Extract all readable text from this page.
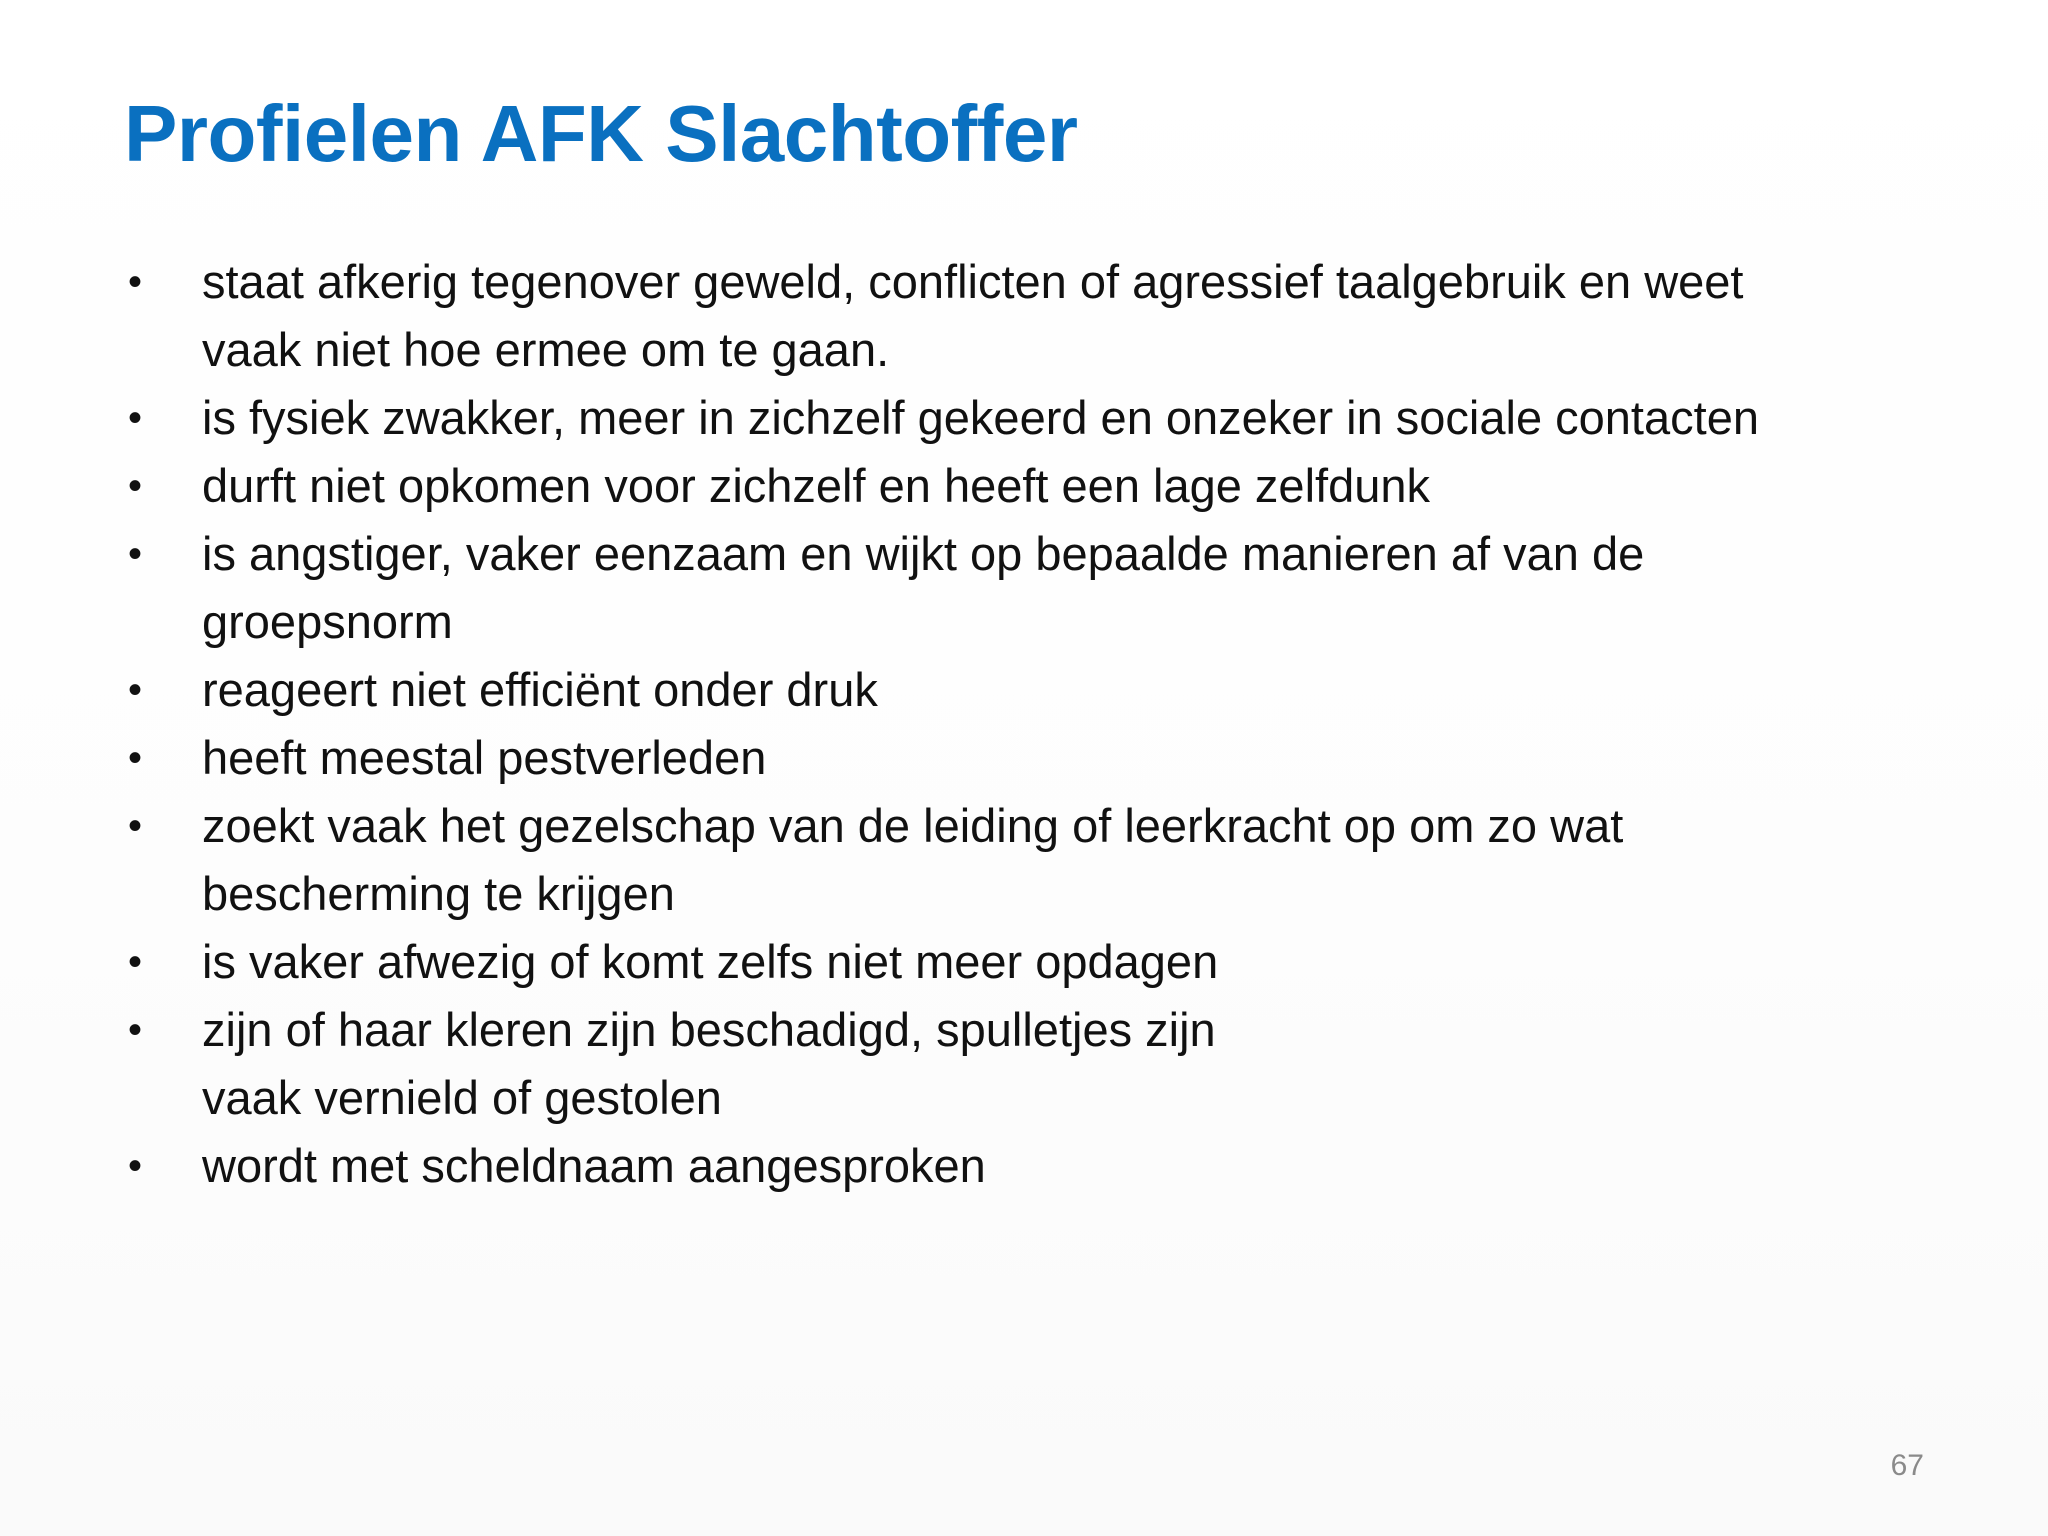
Profielen AFK Slachtoffer
• staat afkerig tegenover geweld, conflicten of agressief taalgebruik en weet
vaak niet hoe ermee om te gaan.
• is fysiek zwakker, meer in zichzelf gekeerd en onzeker in sociale contacten
• durft niet opkomen voor zichzelf en heeft een lage zelfdunk
• is angstiger, vaker eenzaam en wijkt op bepaalde manieren af van de
groepsnorm
• reageert niet efficiënt onder druk
• heeft meestal pestverleden
• zoekt vaak het gezelschap van de leiding of leerkracht op om zo wat
bescherming te krijgen
• is vaker afwezig of komt zelfs niet meer opdagen
• zijn of haar kleren zijn beschadigd, spulletjes zijn
vaak vernield of gestolen
• wordt met scheldnaam aangesproken
67
